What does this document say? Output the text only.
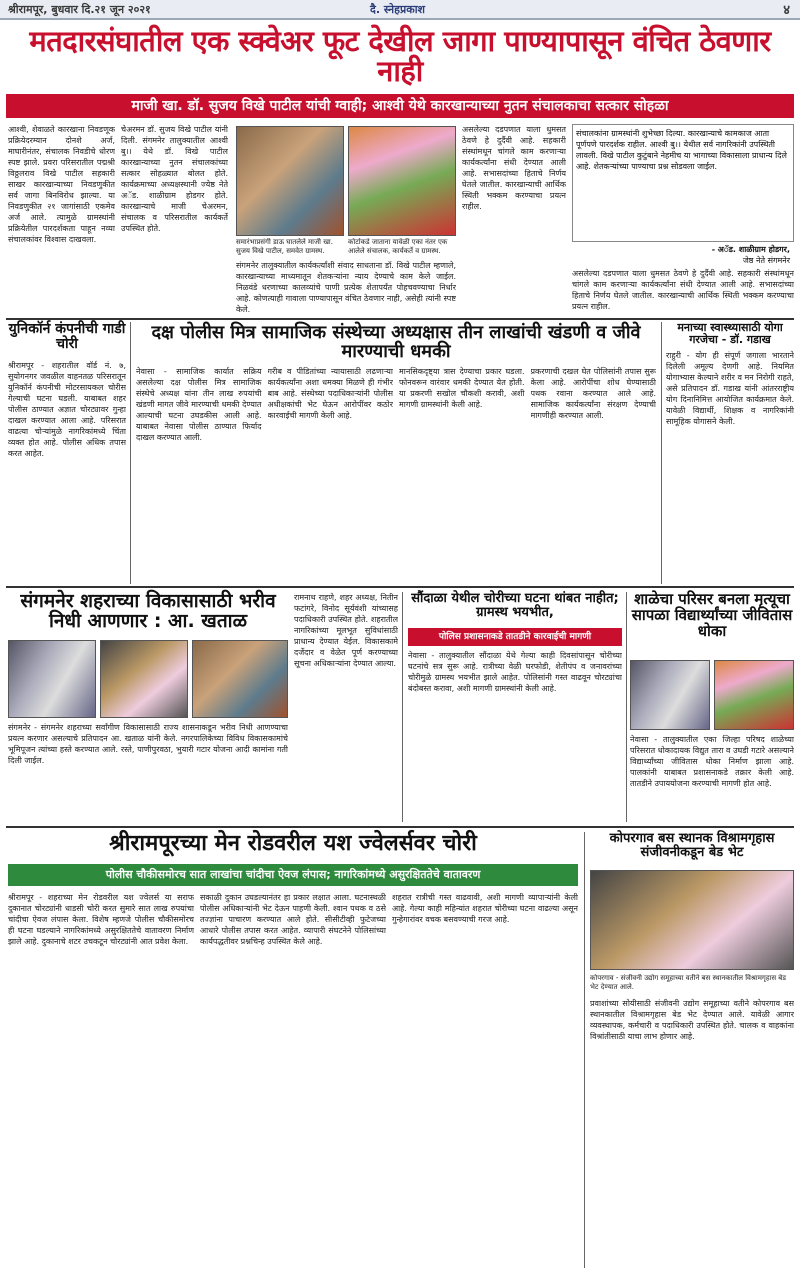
श्रीरामपूर, बुधवार दि.२१ जून २०२१	दै. स्नेहप्रकाश	४
मतदारसंघातील एक स्क्वेअर फूट देखील जागा पाण्यापासून वंचित ठेवणार नाही
माजी खा. डॉ. सुजय विखे पाटील यांची ग्वाही; आश्वी येथे कारखान्याच्या नुतन संचालकाचा सत्कार सोहळा
आश्वी, शेवाळते कारखाना निवडणूक प्रक्रियेदरम्यान दोनशे अर्ज, माघारीनंतर, संचालक निवडीचे धोरण स्पष्ट झाले. प्रवरा परिसरातील पद्मश्री विठ्ठलराव विखे पाटील सहकारी साखर कारखान्याच्या निवडणुकीत सर्व जागा बिनविरोध झाल्या. या निवडणुकीत २१ जागांसाठी एकमेव अर्ज आले. त्यामुळे ग्रामस्थांनी प्रक्रियेतील पारदर्शकता पाहून नव्या संचालकांवर विश्वास दाखवला.
चेअरमन डॉ. सुजय विखे पाटील यांनी दिली. संगमनेर तालुक्यातील आश्वी बु।। येथे डॉ. विखे पाटील कारखान्याच्या नुतन संचालकांच्या सत्कार सोहळ्यात बोलत होते. कार्यक्रमाच्या अध्यक्षस्थानी ज्येष्ठ नेते अॅड. शाळीग्राम होडगर होते. कारखान्याचे माजी चेअरमन, संचालक व परिसरातील कार्यकर्ते उपस्थित होते.
समारंभाप्रसंगी डाऊ घातलेले माजी खा. सुजय विखे पाटील, समवेत ग्रामस्थ.
कोर्टाकडे जाताना यावेळी एका नंतर एक आलेले संचालक, कार्यकर्ते व ग्रामस्थ.
संगमनेर तालुक्यातील कार्यकर्त्यांशी संवाद साधताना डॉ. विखे पाटील म्हणाले, कारखान्याच्या माध्यमातून शेतकऱ्यांना न्याय देण्याचे काम केले जाईल. निळवंडे धरणाच्या कालव्यांचे पाणी प्रत्येक शेतापर्यंत पोहचवण्याचा निर्धार आहे. कोणत्याही गावाला पाण्यापासून वंचित ठेवणार नाही, असेही त्यांनी स्पष्ट केले.
असलेल्या दडपणात याला धुमसत ठेवणे हे दुर्दैवी आहे. सहकारी संस्थांमधून चांगले काम करणाऱ्या कार्यकर्त्यांना संधी देण्यात आली आहे. सभासदांच्या हिताचे निर्णय घेतले जातील. कारखान्याची आर्थिक स्थिती भक्कम करण्याचा प्रयत्न राहील.
संचालकांना ग्रामस्थांनी शुभेच्छा दिल्या. कारखान्याचे कामकाज आता पूर्णपणे पारदर्शक राहील. आश्वी बु।। येथील सर्व नागरिकांनी उपस्थिती लावली. विखे पाटील कुटुंबाने नेहमीच या भागाच्या विकासाला प्राधान्य दिले आहे. शेतकऱ्यांच्या पाण्याचा प्रश्न सोडवला जाईल.
- अॅड. शाळीग्राम होडगर,
जेष्ठ नेते संगमनेर
असलेल्या दडपणात याला धुमसत ठेवणे हे दुर्दैवी आहे. सहकारी संस्थांमधून चांगले काम करणाऱ्या कार्यकर्त्यांना संधी देण्यात आली आहे. सभासदांच्या हिताचे निर्णय घेतले जातील. कारखान्याची आर्थिक स्थिती भक्कम करण्याचा प्रयत्न राहील.
युनिकॉर्न कंपनीची गाडी चोरी
श्रीरामपूर - शहरातील वॉर्ड नं. ७, सुयोगनगर जवळील वाहनतळ परिसरातून युनिकॉर्न कंपनीची मोटरसायकल चोरीस गेल्याची घटना घडली. याबाबत शहर पोलीस ठाण्यात अज्ञात चोरट्यावर गुन्हा दाखल करण्यात आला आहे. परिसरात वाढत्या चोऱ्यांमुळे नागरिकांमध्ये चिंता व्यक्त होत आहे. पोलीस अधिक तपास करत आहेत.
दक्ष पोलीस मित्र सामाजिक संस्थेच्या अध्यक्षास तीन लाखांची खंडणी व जीवे मारण्याची धमकी
नेवासा - सामाजिक कार्यात सक्रिय असलेल्या दक्ष पोलीस मित्र सामाजिक संस्थेचे अध्यक्ष यांना तीन लाख रुपयांची खंडणी मागत जीवे मारण्याची धमकी देण्यात आल्याची घटना उघडकीस आली आहे. याबाबत नेवासा पोलीस ठाण्यात फिर्याद दाखल करण्यात आली.
गरीब व पीडितांच्या न्यायासाठी लढणाऱ्या कार्यकर्त्यांना अशा धमक्या मिळणे ही गंभीर बाब आहे. संस्थेच्या पदाधिकाऱ्यांनी पोलीस अधीक्षकांची भेट घेऊन आरोपींवर कठोर कारवाईची मागणी केली आहे.
मानसिकदृष्ट्या त्रास देण्याचा प्रकार घडला. फोनवरून वारंवार धमकी देण्यात येत होती. या प्रकरणी सखोल चौकशी करावी, अशी मागणी ग्रामस्थांनी केली आहे.
प्रकरणाची दखल घेत पोलिसांनी तपास सुरू केला आहे. आरोपींचा शोध घेण्यासाठी पथक रवाना करण्यात आले आहे. सामाजिक कार्यकर्त्यांना संरक्षण देण्याची मागणीही करण्यात आली.
मनाच्या स्वास्थ्यासाठी योगा गरजेचा - डॉ. गडाख
राहुरी - योग ही संपूर्ण जगाला भारताने दिलेली अमूल्य देणगी आहे. नियमित योगाभ्यास केल्याने शरीर व मन निरोगी राहते, असे प्रतिपादन डॉ. गडाख यांनी आंतरराष्ट्रीय योग दिनानिमित्त आयोजित कार्यक्रमात केले. यावेळी विद्यार्थी, शिक्षक व नागरिकांनी सामूहिक योगासने केली.
संगमनेर शहराच्या विकासासाठी भरीव निधी आणणार : आ. खताळ
संगमनेर - संगमनेर शहराच्या सर्वांगीण विकासासाठी राज्य शासनाकडून भरीव निधी आणण्याचा प्रयत्न करणार असल्याचे प्रतिपादन आ. खताळ यांनी केले. नगरपालिकेच्या विविध विकासकामांचे भूमिपूजन त्यांच्या हस्ते करण्यात आले. रस्ते, पाणीपुरवठा, भुयारी गटार योजना आदी कामांना गती दिली जाईल.
रामनाथ राहणे, शहर अध्यक्ष, नितीन फटांगरे, विनोद सूर्यवंशी यांच्यासह पदाधिकारी उपस्थित होते. शहरातील नागरिकांच्या मूलभूत सुविधांसाठी प्राधान्य देण्यात येईल. विकासकामे दर्जेदार व वेळेत पूर्ण करण्याच्या सूचना अधिकाऱ्यांना देण्यात आल्या.
सौंदाळा येथील चोरीच्या घटना थांबत नाहीत; ग्रामस्थ भयभीत,
पोलिस प्रशासनाकडे तातडीने कारवाईची मागणी
नेवासा - तालुक्यातील सौंदाळा येथे गेल्या काही दिवसांपासून चोरीच्या घटनांचे सत्र सुरू आहे. रात्रीच्या वेळी घरफोडी, शेतीपंप व जनावरांच्या चोरीमुळे ग्रामस्थ भयभीत झाले आहेत. पोलिसांनी गस्त वाढवून चोरट्यांचा बंदोबस्त करावा, अशी मागणी ग्रामस्थांनी केली आहे.
शाळेचा परिसर बनला मृत्यूचा सापळा विद्यार्थ्यांच्या जीवितास धोका
नेवासा - तालुक्यातील एका जिल्हा परिषद शाळेच्या परिसरात धोकादायक विद्युत तारा व उघडी गटारे असल्याने विद्यार्थ्यांच्या जीवितास धोका निर्माण झाला आहे. पालकांनी याबाबत प्रशासनाकडे तक्रार केली आहे. तातडीने उपाययोजना करण्याची मागणी होत आहे.
श्रीरामपूरच्या मेन रोडवरील यश ज्वेलर्सवर चोरी
पोलीस चौकीसमोरच सात लाखांचा चांदीचा ऐवज लंपास; नागरिकांमध्ये असुरक्षिततेचे वातावरण
श्रीरामपूर - शहराच्या मेन रोडवरील यश ज्वेलर्स या सराफ दुकानात चोरट्यांनी धाडसी चोरी करत सुमारे सात लाख रुपयांचा चांदीचा ऐवज लंपास केला. विशेष म्हणजे पोलीस चौकीसमोरच ही घटना घडल्याने नागरिकांमध्ये असुरक्षिततेचे वातावरण निर्माण झाले आहे. दुकानाचे शटर उचकटून चोरट्यांनी आत प्रवेश केला.
सकाळी दुकान उघडल्यानंतर हा प्रकार लक्षात आला. घटनास्थळी पोलीस अधिकाऱ्यांनी भेट देऊन पाहणी केली. श्वान पथक व ठसे तज्ज्ञांना पाचारण करण्यात आले होते. सीसीटीव्ही फुटेजच्या आधारे पोलीस तपास करत आहेत. व्यापारी संघटनेने पोलिसांच्या कार्यपद्धतीवर प्रश्नचिन्ह उपस्थित केले आहे.
शहरात रात्रीची गस्त वाढवावी, अशी मागणी व्यापाऱ्यांनी केली आहे. गेल्या काही महिन्यांत शहरात चोरीच्या घटना वाढल्या असून गुन्हेगारांवर वचक बसवण्याची गरज आहे.
कोपरगाव बस स्थानक विश्रामगृहास संजीवनीकडून बेड भेट
कोपरगाव - संजीवनी उद्योग समूहाच्या वतीने बस स्थानकातील विश्रामगृहास बेड भेट देण्यात आले.
प्रवाशांच्या सोयीसाठी संजीवनी उद्योग समूहाच्या वतीने कोपरगाव बस स्थानकातील विश्रामगृहास बेड भेट देण्यात आले. यावेळी आगार व्यवस्थापक, कर्मचारी व पदाधिकारी उपस्थित होते. चालक व वाहकांना विश्रांतीसाठी याचा लाभ होणार आहे.
